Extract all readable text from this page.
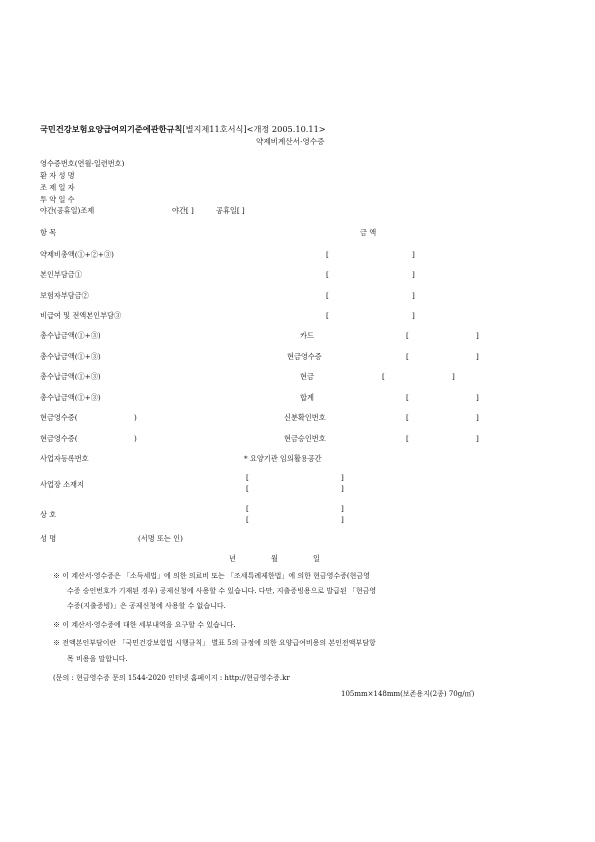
국민건강보험요양급여의기준에관한규칙[별지제11호서식]<개정 2005.10.11>
약제비계산서·영수증
영수증번호(연월-일련번호)
환 자 성 명
조 제 일 자
투 약 일 수
야간(공휴일)조제	야간[ ]	공휴일[ ]
항 목	금 액
약제비총액(①+②+③)	[	]
본인부담금①	[	]
보험자부담금②	[	]
비급여 및 전액본인부담③	[	]
총수납금액(①+③)	카드	[	]
총수납금액(①+③)	현금영수증	[	]
총수납금액(①+③)	현금	[	]
총수납금액(①+③)	합계	[	]
현금영수증(	)	신분확인번호	[	]
현금영수증(	)	현금승인번호	[	]
사업자등록번호	* 요양기관 임의활용공간
사업장 소재지
[	]
[	]
상 호
[	]
[	]
성 명	(서명 또는 인)
년	월	일
※ 이 계산서·영수증은 「소득세법」에 의한 의료비 또는 「조세특례제한법」에 의한 현금영수증(현금영
수증 승인번호가 기재된 경우) 공제신청에 사용할 수 있습니다. 다만, 지출증빙용으로 발급된 「현금영
수증(지출증빙)」은 공제신청에 사용할 수 없습니다.
※ 이 계산서·영수증에 대한 세부내역을 요구할 수 있습니다.
※ 전액본인부담이란 「국민건강보험법 시행규칙」 별표 5의 규정에 의한 요양급여비용의 본인전액부담항
목 비용을 말합니다.
(문의 : 현금영수증 문의 1544-2020 인터넷 홈페이지 : http://현금영수증.kr
105mm×148mm(보존용지(2종) 70g/㎡)
